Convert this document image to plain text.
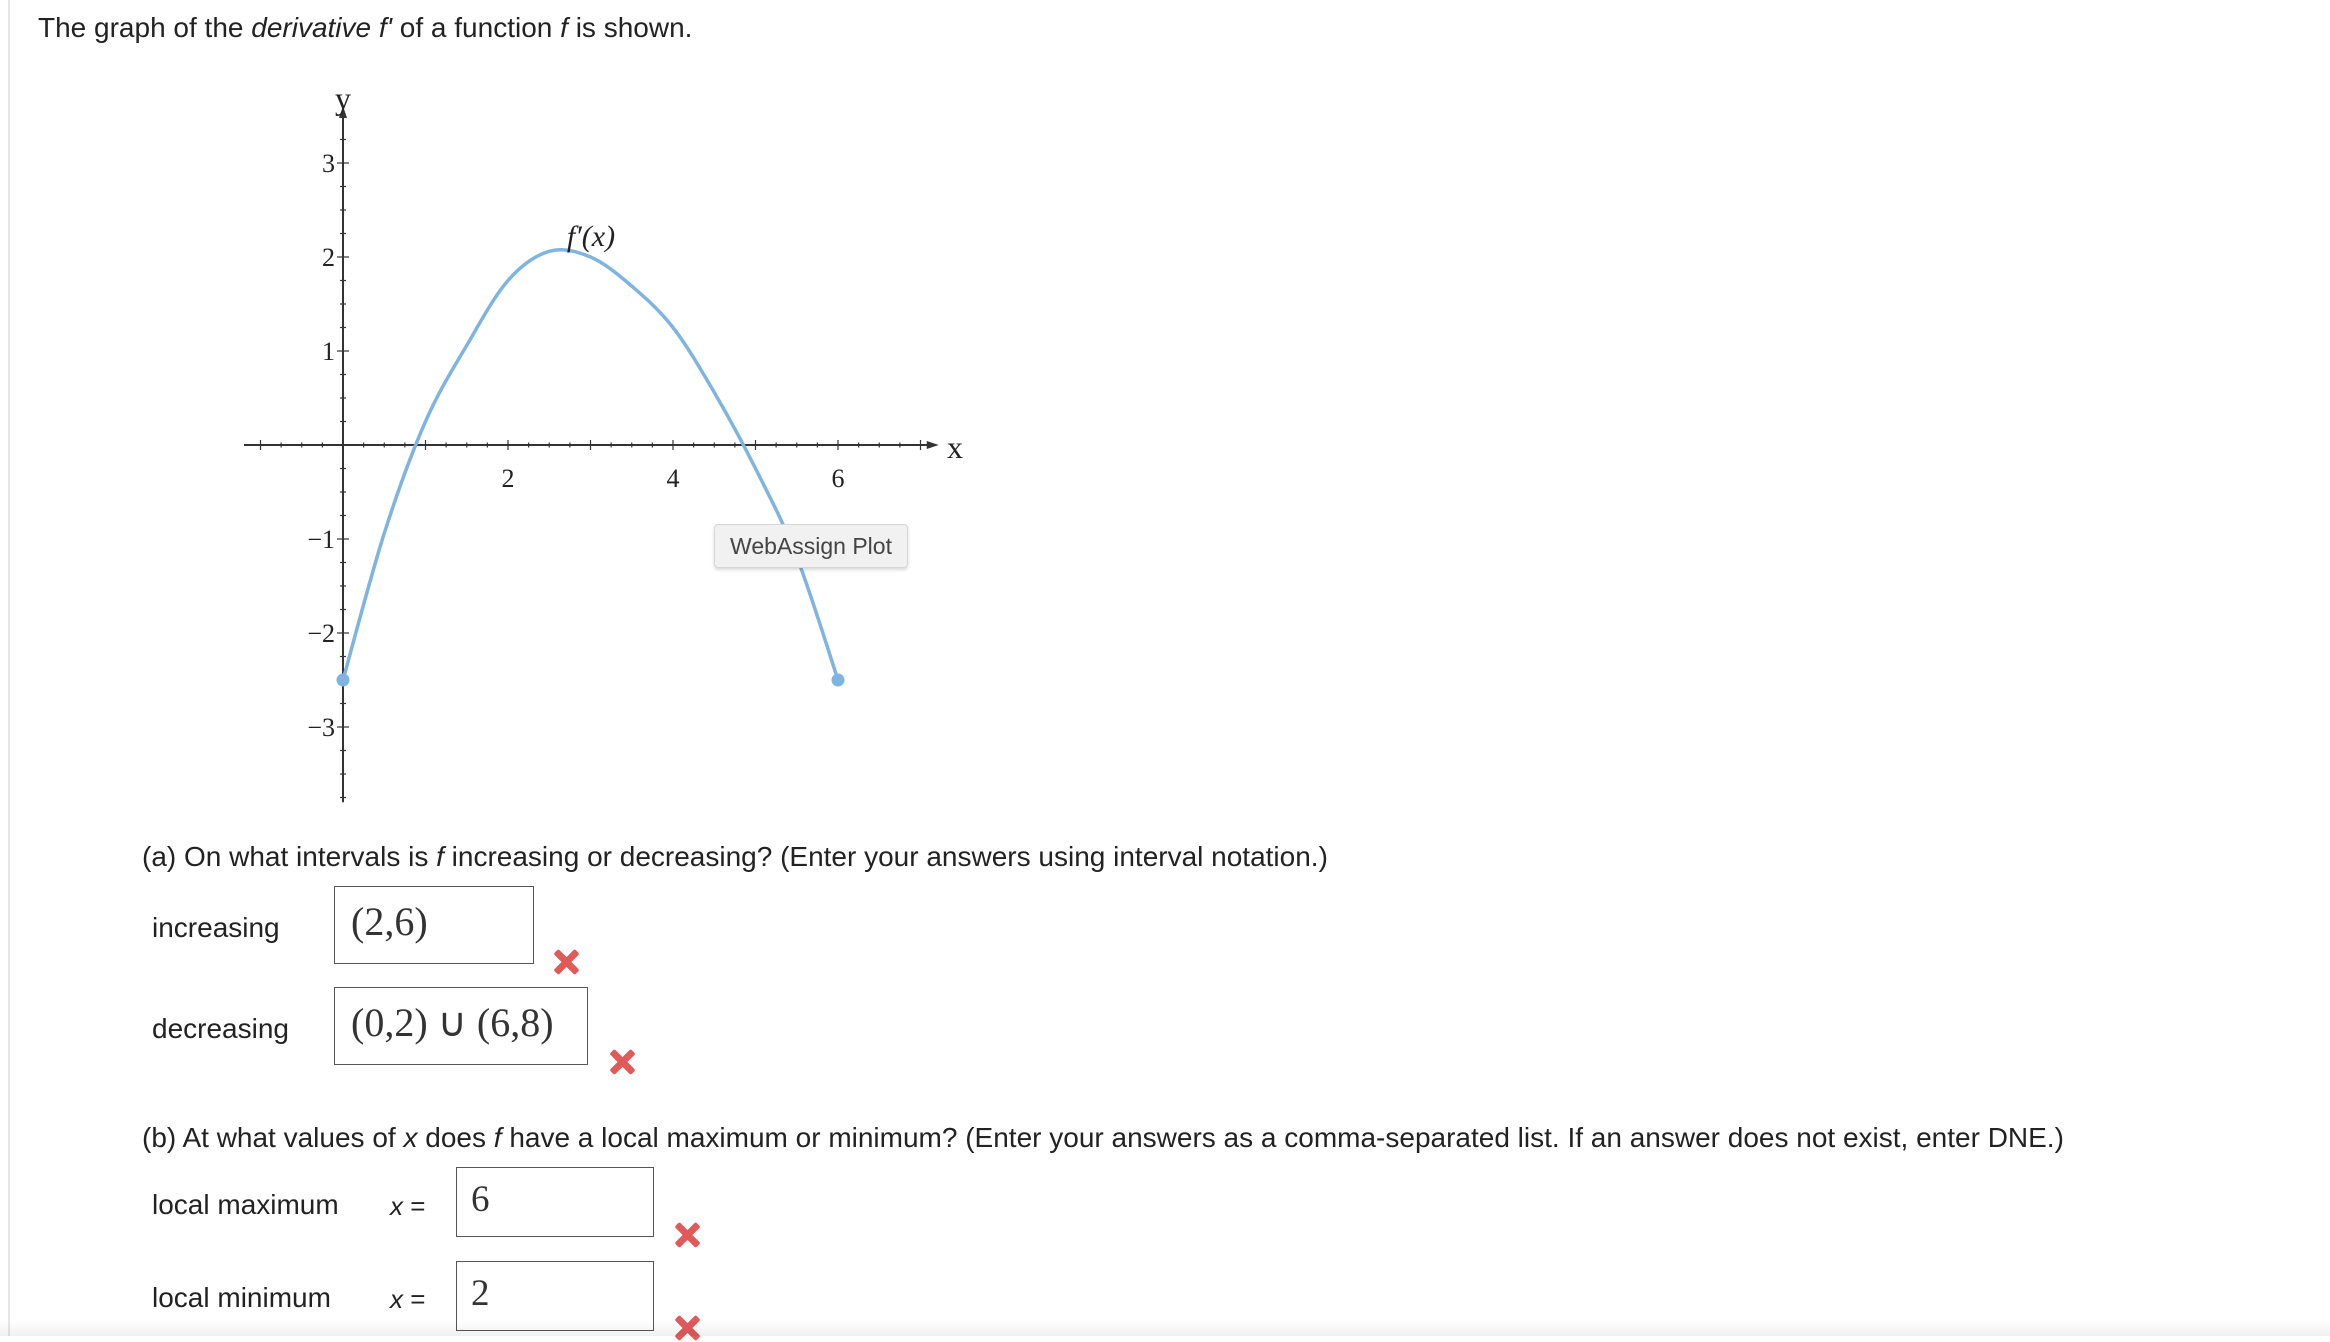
The graph of the derivative f' of a function f is shown.
2	4	6
3
2
1
−1
−2
−3
y
x
f′(x)
WebAssign Plot
(a) On what intervals is f increasing or decreasing? (Enter your answers using interval notation.)
increasing	(2,6)
decreasing	(0,2) ∪ (6,8)
(b) At what values of x does f have a local maximum or minimum? (Enter your answers as a comma-separated list. If an answer does not exist, enter DNE.)
local maximum x =	6
local minimum x =	2
